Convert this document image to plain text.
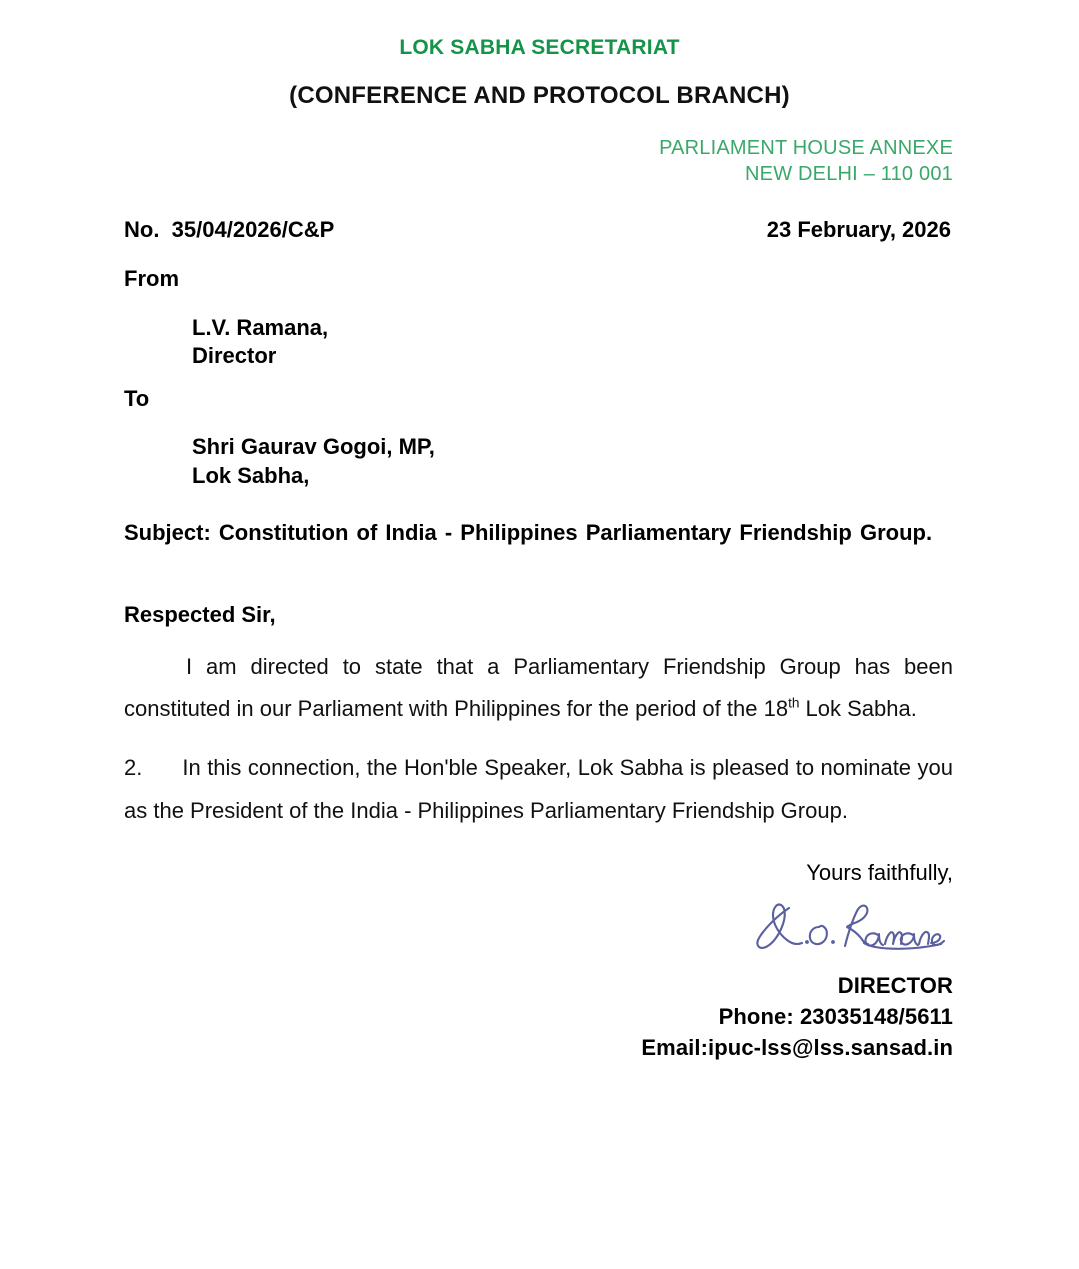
LOK SABHA SECRETARIAT
(CONFERENCE AND PROTOCOL BRANCH)
PARLIAMENT HOUSE ANNEXE
NEW DELHI – 110 001
No.  35/04/2026/C&P	23 February, 2026
From
L.V. Ramana,
Director
To
Shri Gaurav Gogoi, MP,
Lok Sabha,
Subject: Constitution of India - Philippines Parliamentary Friendship Group.
Respected Sir,
I am directed to state that a Parliamentary Friendship Group has been constituted in our Parliament with Philippines for the period of the 18th Lok Sabha.
2. In this connection, the Hon'ble Speaker, Lok Sabha is pleased to nominate you as the President of the India - Philippines Parliamentary Friendship Group.
Yours faithfully,
DIRECTOR
Phone: 23035148/5611
Email:ipuc-lss@lss.sansad.in
